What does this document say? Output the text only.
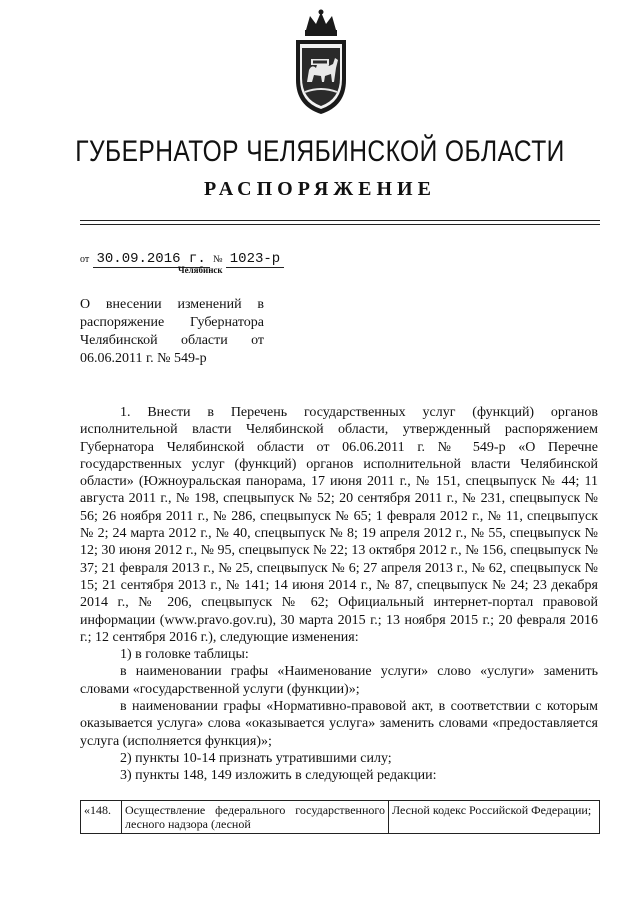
ГУБЕРНАТОР ЧЕЛЯБИНСКОЙ ОБЛАСТИ
РАСПОРЯЖЕНИЕ
от 30.09.2016 г. № 1023-р
Челябинск
О внесении изменений в распоряжение Губернатора Челябинской области от 06.06.2011 г. № 549-р

1. Внести в Перечень государственных услуг (функций) органов исполнительной власти Челябинской области, утвержденный распоряжением Губернатора Челябинской области от 06.06.2011 г. № 549-р «О Перечне государственных услуг (функций) органов исполнительной власти Челябинской области» (Южноуральская панорама, 17 июня 2011 г., № 151, спецвыпуск № 44; 11 августа 2011 г., № 198, спецвыпуск № 52; 20 сентября 2011 г., № 231, спецвыпуск № 56; 26 ноября 2011 г., № 286, спецвыпуск № 65; 1 февраля 2012 г., № 11, спецвыпуск № 2; 24 марта 2012 г., № 40, спецвыпуск № 8; 19 апреля 2012 г., № 55, спецвыпуск № 12; 30 июня 2012 г., № 95, спецвыпуск № 22; 13 октября 2012 г., № 156, спецвыпуск № 37; 21 февраля 2013 г., № 25, спецвыпуск № 6; 27 апреля 2013 г., № 62, спецвыпуск № 15; 21 сентября 2013 г., № 141; 14 июня 2014 г., № 87, спецвыпуск № 24; 23 декабря 2014 г., № 206, спецвыпуск № 62; Официальный интернет-портал правовой информации (www.pravo.gov.ru), 30 марта 2015 г.; 13 ноября 2015 г.; 20 февраля 2016 г.; 12 сентября 2016 г.), следующие изменения:

1) в головке таблицы:

в наименовании графы «Наименование услуги» слово «услуги» заменить словами «государственной услуги (функции)»;

в наименовании графы «Нормативно-правовой акт, в соответствии с которым оказывается услуга» слова «оказывается услуга» заменить словами «предоставляется услуга (исполняется функция)»;

2) пункты 10-14 признать утратившими силу;

3) пункты 148, 149 изложить в следующей редакции:

«148.	Осуществление федерального государственного лесного надзора (лесной	Лесной кодекс Российской Федерации;
